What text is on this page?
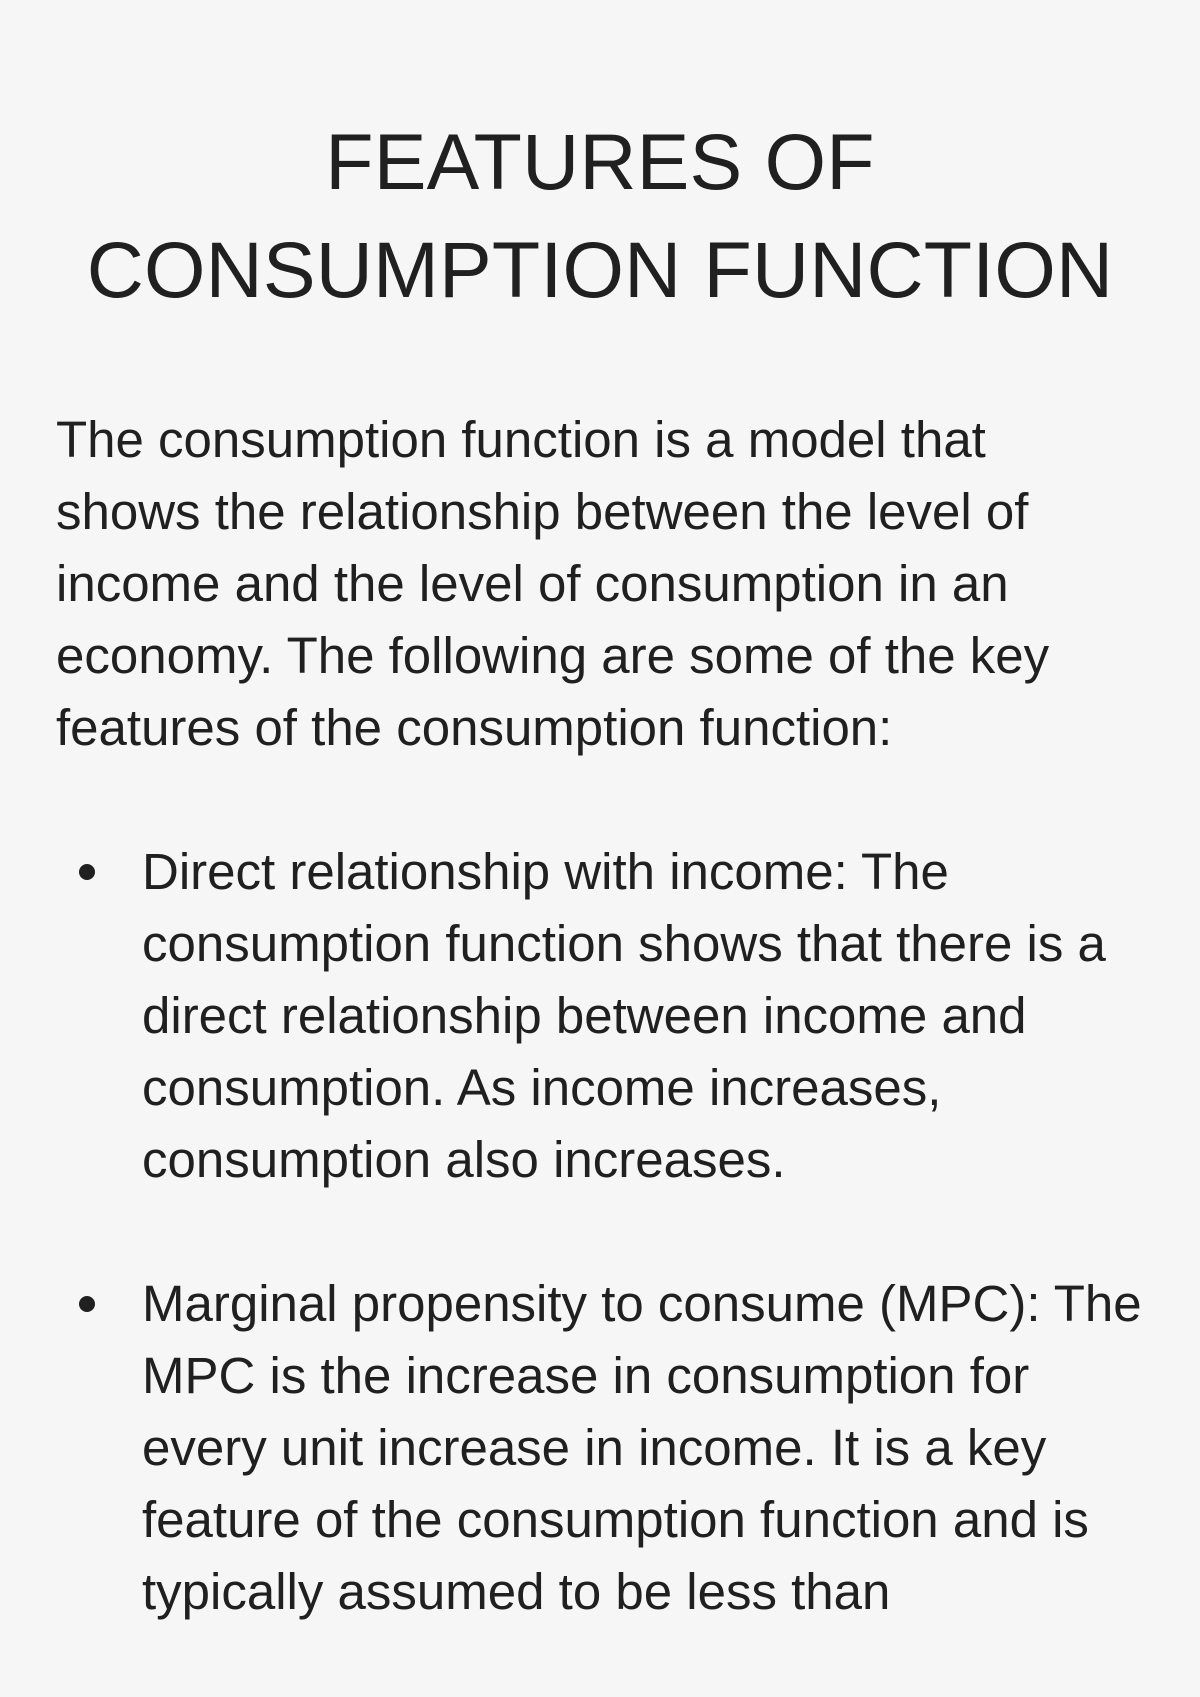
FEATURES OF CONSUMPTION FUNCTION

The consumption function is a model that shows the relationship between the level of income and the level of consumption in an economy. The following are some of the key features of the consumption function:

Direct relationship with income: The consumption function shows that there is a direct relationship between income and consumption. As income increases, consumption also increases.
Marginal propensity to consume (MPC): The MPC is the increase in consumption for every unit increase in income. It is a key feature of the consumption function and is typically assumed to be less than
